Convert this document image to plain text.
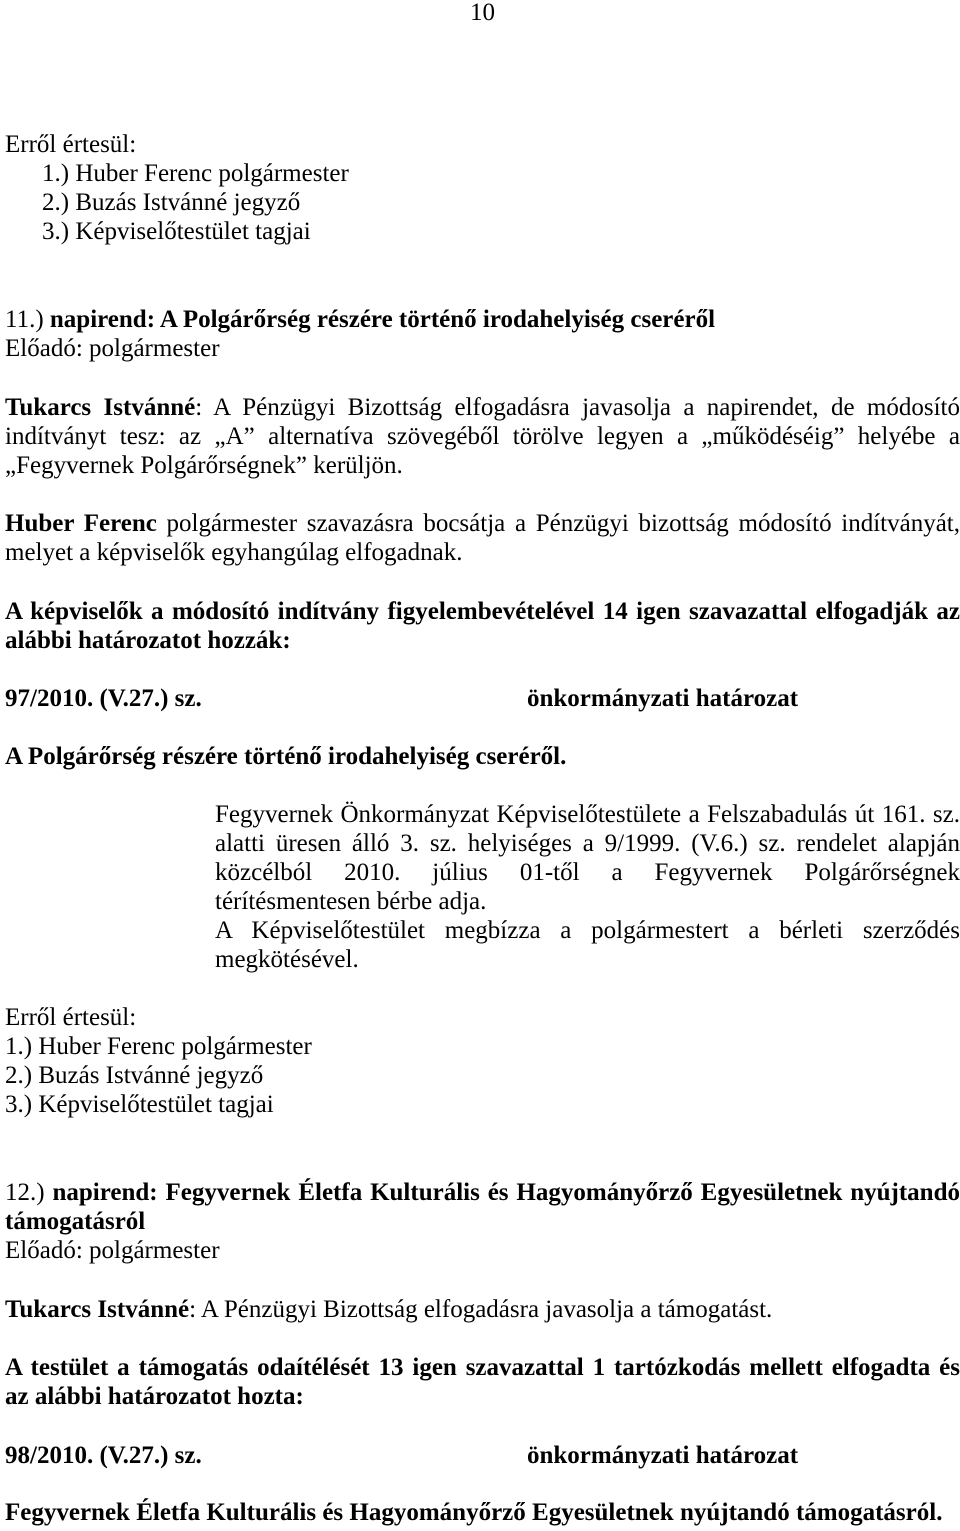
10
Erről értesül:
1.) Huber Ferenc polgármester
2.) Buzás Istvánné jegyző
3.) Képviselőtestület tagjai
11.) napirend: A Polgárőrség részére történő irodahelyiség cseréről
Előadó: polgármester
Tukarcs Istvánné: A Pénzügyi Bizottság elfogadásra javasolja a napirendet, de módosító
indítványt tesz: az „A” alternatíva szövegéből törölve legyen a „működéséig” helyébe a
„Fegyvernek Polgárőrségnek” kerüljön.
Huber Ferenc polgármester szavazásra bocsátja a Pénzügyi bizottság módosító indítványát,
melyet a képviselők egyhangúlag elfogadnak.
A képviselők a módosító indítvány figyelembevételével 14 igen szavazattal elfogadják az
alábbi határozatot hozzák:
97/2010. (V.27.) sz.	önkormányzati határozat
A Polgárőrség részére történő irodahelyiség cseréről.
Fegyvernek Önkormányzat Képviselőtestülete a Felszabadulás út 161. sz.
alatti üresen álló 3. sz. helyiséges a 9/1999. (V.6.) sz. rendelet alapján
közcélból 2010. július 01-től a Fegyvernek Polgárőrségnek
térítésmentesen bérbe adja.
A Képviselőtestület megbízza a polgármestert a bérleti szerződés
megkötésével.
Erről értesül:
1.) Huber Ferenc polgármester
2.) Buzás Istvánné jegyző
3.) Képviselőtestület tagjai
12.) napirend: Fegyvernek Életfa Kulturális és Hagyományőrző Egyesületnek nyújtandó
támogatásról
Előadó: polgármester
Tukarcs Istvánné: A Pénzügyi Bizottság elfogadásra javasolja a támogatást.
A testület a támogatás odaítélését 13 igen szavazattal 1 tartózkodás mellett elfogadta és
az alábbi határozatot hozta:
98/2010. (V.27.) sz.	önkormányzati határozat
Fegyvernek Életfa Kulturális és Hagyományőrző Egyesületnek nyújtandó támogatásról.
